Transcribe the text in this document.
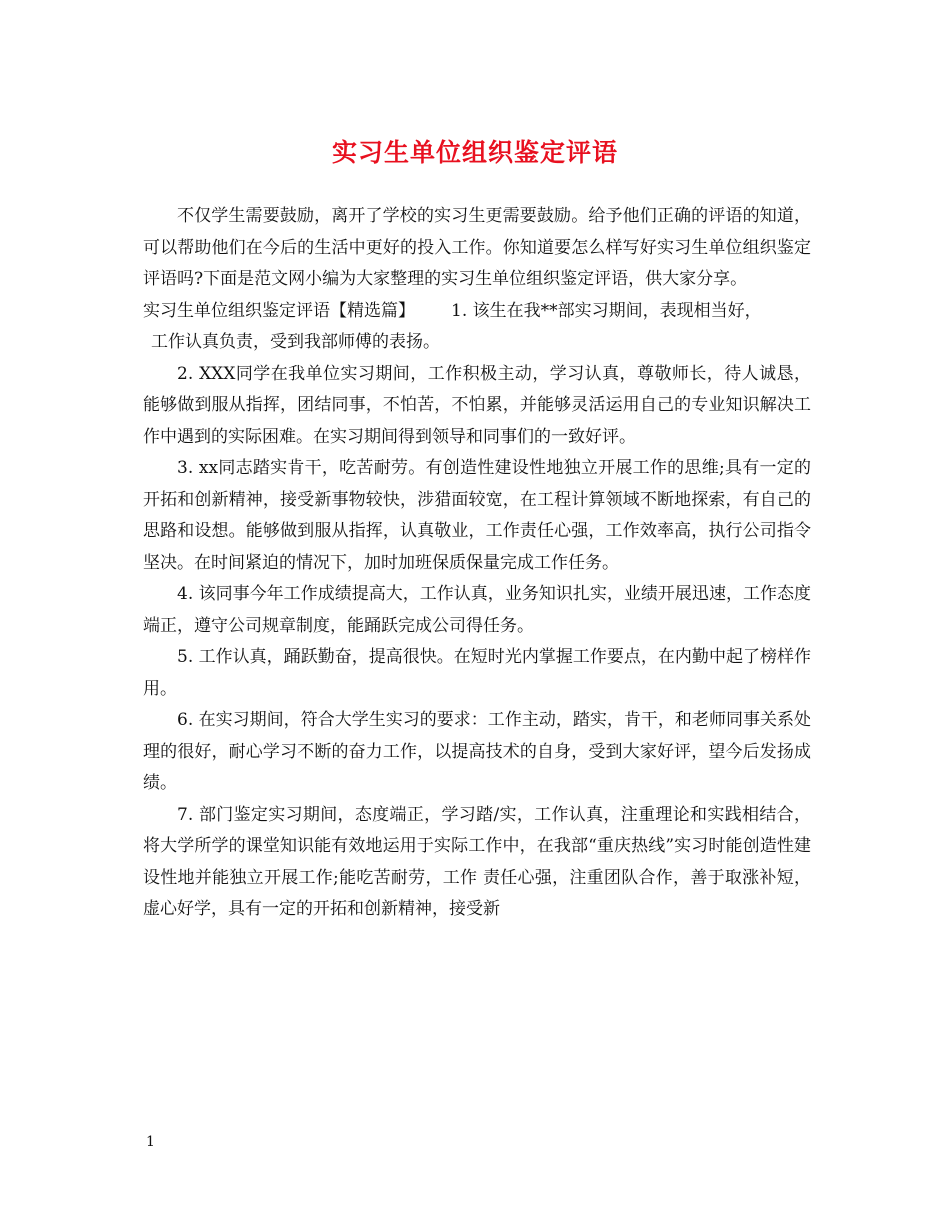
实习生单位组织鉴定评语

不仅学生需要鼓励，离开了学校的实习生更需要鼓励。给予他们正确的评语的知道，可以帮助他们在今后的生活中更好的投入工作。你知道要怎么样写好实习生单位组织鉴定评语吗?下面是范文网小编为大家整理的实习生单位组织鉴定评语，供大家分享。

实习生单位组织鉴定评语【精选篇】 1. 该生在我**部实习期间，表现相当好，

工作认真负责，受到我部师傅的表扬。

2. XXX同学在我单位实习期间，工作积极主动，学习认真，尊敬师长，待人诚恳，能够做到服从指挥，团结同事，不怕苦，不怕累，并能够灵活运用自己的专业知识解决工作中遇到的实际困难。在实习期间得到领导和同事们的一致好评。

3. xx同志踏实肯干，吃苦耐劳。有创造性建设性地独立开展工作的思维;具有一定的开拓和创新精神，接受新事物较快，涉猎面较宽，在工程计算领域不断地探索，有自己的思路和设想。能够做到服从指挥，认真敬业，工作责任心强，工作效率高，执行公司指令坚决。在时间紧迫的情况下，加时加班保质保量完成工作任务。

4. 该同事今年工作成绩提高大，工作认真，业务知识扎实，业绩开展迅速，工作态度端正，遵守公司规章制度，能踊跃完成公司得任务。

5. 工作认真，踊跃勤奋，提高很快。在短时光内掌握工作要点，在内勤中起了榜样作用。

6. 在实习期间，符合大学生实习的要求：工作主动，踏实，肯干，和老师同事关系处理的很好，耐心学习不断的奋力工作，以提高技术的自身，受到大家好评，望今后发扬成绩。

7. 部门鉴定实习期间，态度端正，学习踏/实，工作认真，注重理论和实践相结合，将大学所学的课堂知识能有效地运用于实际工作中，在我部“重庆热线”实习时能创造性建设性地并能独立开展工作;能吃苦耐劳，工作 责任心强，注重团队合作，善于取涨补短，虚心好学，具有一定的开拓和创新精神，接受新

1
